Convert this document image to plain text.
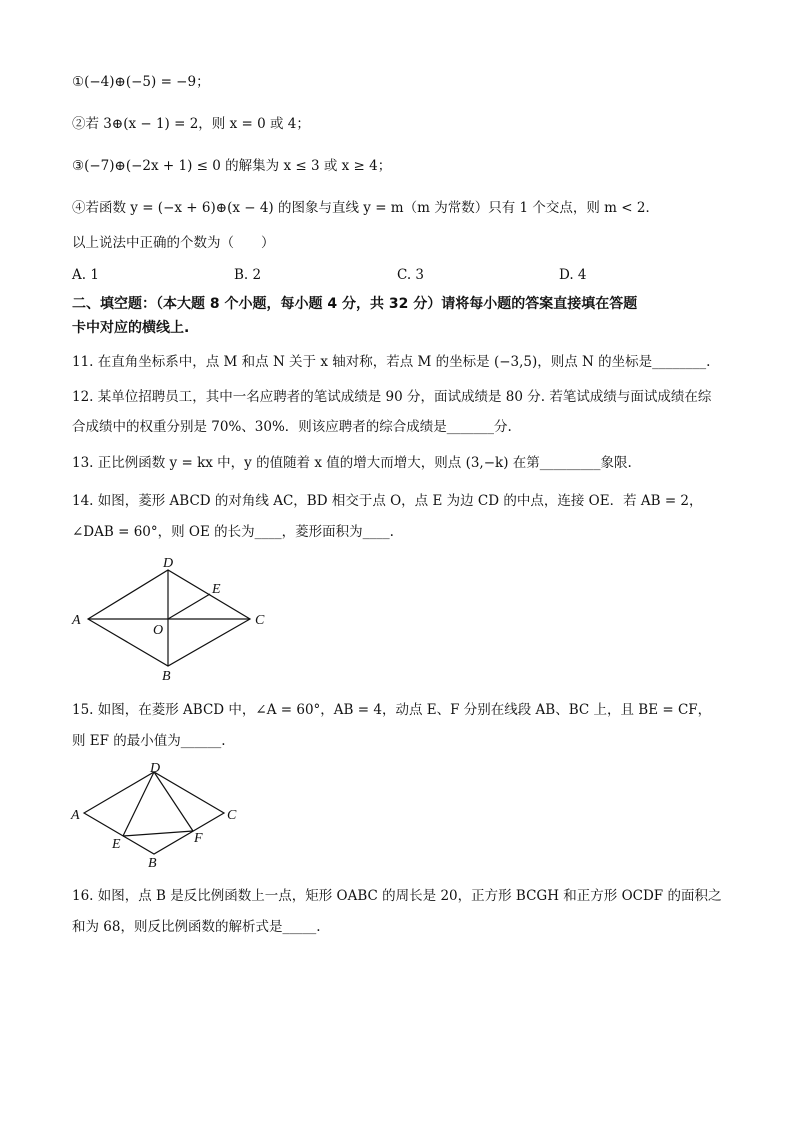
①(−4)⊕(−5) = −9；
②若 3⊕(x − 1) = 2，则 x = 0 或 4；
③(−7)⊕(−2x + 1) ≤ 0 的解集为 x ≤ 3 或 x ≥ 4；
④若函数 y = (−x + 6)⊕(x − 4) 的图象与直线 y = m（m 为常数）只有 1 个交点，则 m < 2．
以上说法中正确的个数为（　　）
A. 1	B. 2	C. 3	D. 4
二、填空题：（本大题 8 个小题，每小题 4 分，共 32 分）请将每小题的答案直接填在答题
卡中对应的横线上.
11. 在直角坐标系中，点 M 和点 N 关于 x 轴对称，若点 M 的坐标是 (−3,5)，则点 N 的坐标是________.
12. 某单位招聘员工，其中一名应聘者的笔试成绩是 90 分，面试成绩是 80 分. 若笔试成绩与面试成绩在综
合成绩中的权重分别是 70%、30%．则该应聘者的综合成绩是_______分.
13. 正比例函数 y = kx 中，y 的值随着 x 值的增大而增大，则点 (3,−k) 在第_________象限.
14. 如图，菱形 ABCD 的对角线 AC，BD 相交于点 O，点 E 为边 CD 的中点，连接 OE．若 AB = 2，
∠DAB = 60°，则 OE 的长为____，菱形面积为____.
A
D
E
C
O
B
15. 如图，在菱形 ABCD 中，∠A = 60°，AB = 4，动点 E、F 分别在线段 AB、BC 上，且 BE = CF，
则 EF 的最小值为______.
A
D
C
E	F
B
16. 如图，点 B 是反比例函数上一点，矩形 OABC 的周长是 20，正方形 BCGH 和正方形 OCDF 的面积之
和为 68，则反比例函数的解析式是_____.
